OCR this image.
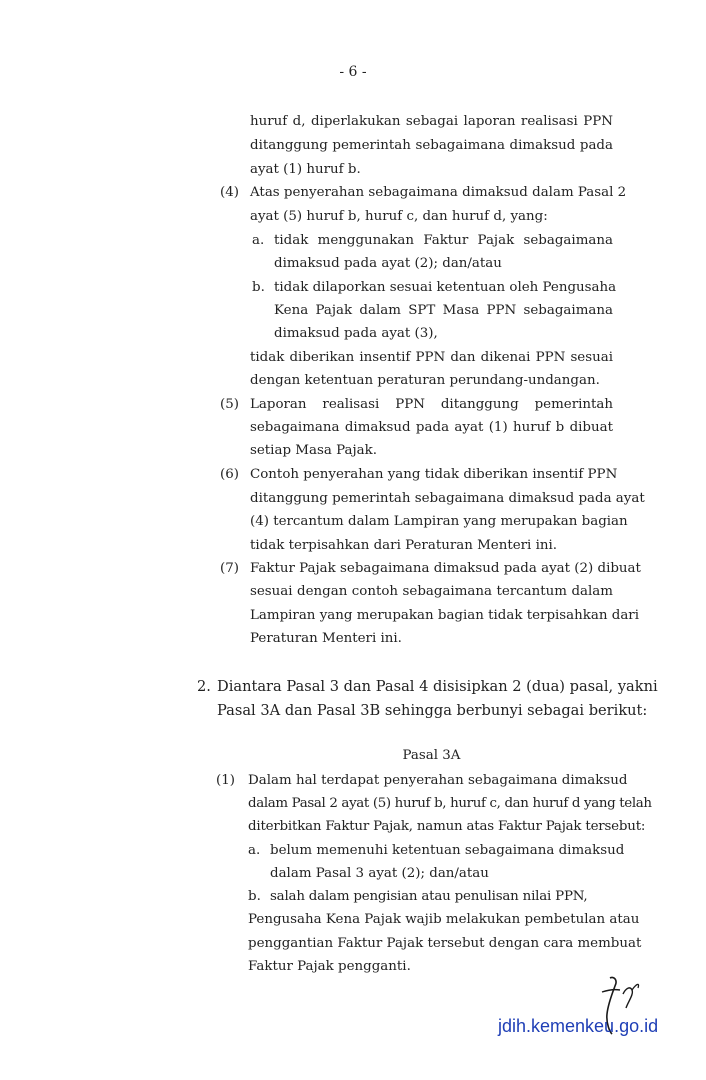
- 6 -
huruf d, diperlakukan sebagai laporan realisasi PPN
ditanggung pemerintah sebagaimana dimaksud pada
ayat (1) huruf b.
(4) Atas penyerahan sebagaimana dimaksud dalam Pasal 2
ayat (5) huruf b, huruf c, dan huruf d, yang:
a. tidak menggunakan Faktur Pajak sebagaimana
dimaksud pada ayat (2); dan/atau
b. tidak dilaporkan sesuai ketentuan oleh Pengusaha
Kena Pajak dalam SPT Masa PPN sebagaimana
dimaksud pada ayat (3),
tidak diberikan insentif PPN dan dikenai PPN sesuai
dengan ketentuan peraturan perundang-undangan.
(5) Laporan realisasi PPN ditanggung pemerintah
sebagaimana dimaksud pada ayat (1) huruf b dibuat
setiap Masa Pajak.
(6) Contoh penyerahan yang tidak diberikan insentif PPN
ditanggung pemerintah sebagaimana dimaksud pada ayat
(4) tercantum dalam Lampiran yang merupakan bagian
tidak terpisahkan dari Peraturan Menteri ini.
(7) Faktur Pajak sebagaimana dimaksud pada ayat (2) dibuat
sesuai dengan contoh sebagaimana tercantum dalam
Lampiran yang merupakan bagian tidak terpisahkan dari
Peraturan Menteri ini.
2. Diantara Pasal 3 dan Pasal 4 disisipkan 2 (dua) pasal, yakni
Pasal 3A dan Pasal 3B sehingga berbunyi sebagai berikut:
Pasal 3A
(1) Dalam hal terdapat penyerahan sebagaimana dimaksud
dalam Pasal 2 ayat (5) huruf b, huruf c, dan huruf d yang telah
diterbitkan Faktur Pajak, namun atas Faktur Pajak tersebut:
a. belum memenuhi ketentuan sebagaimana dimaksud
dalam Pasal 3 ayat (2); dan/atau
b. salah dalam pengisian atau penulisan nilai PPN,
Pengusaha Kena Pajak wajib melakukan pembetulan atau
penggantian Faktur Pajak tersebut dengan cara membuat
Faktur Pajak pengganti.
jdih.kemenkeu.go.id
